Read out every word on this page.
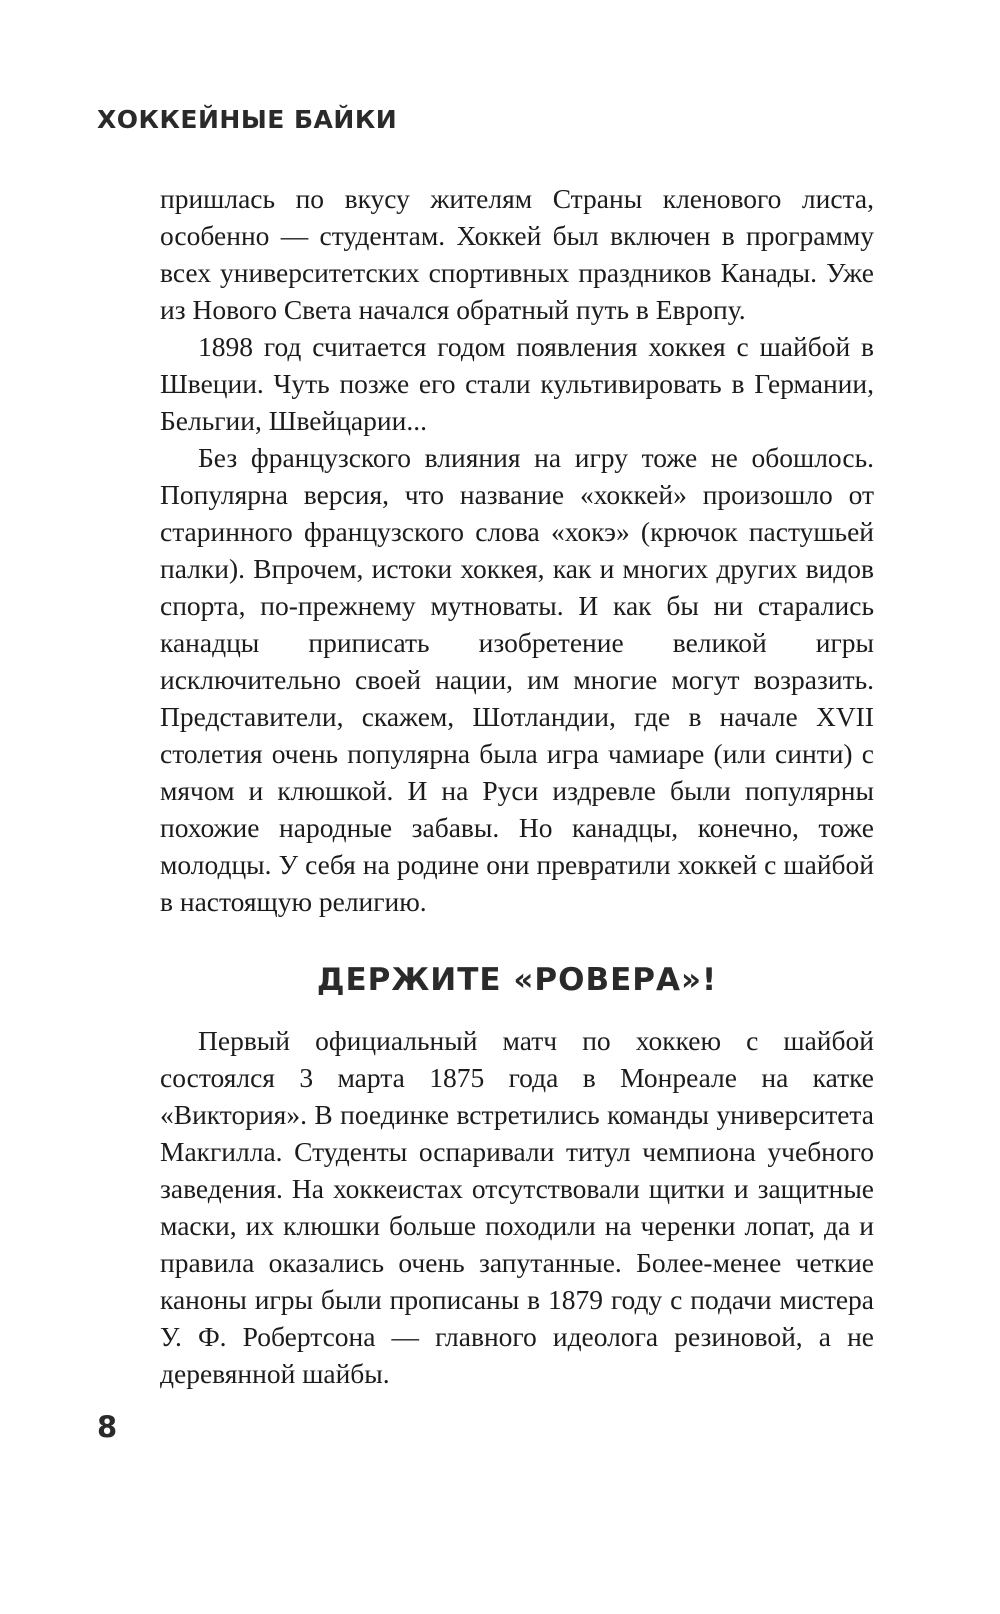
ХОККЕЙНЫЕ БАЙКИ

пришлась по вкусу жителям Страны кленового листа, особенно — студентам. Хоккей был включен в программу всех университетских спортивных праздников Канады. Уже из Нового Света начался обратный путь в Европу.

1898 год считается годом появления хоккея с шайбой в Швеции. Чуть позже его стали культивировать в Германии, Бельгии, Швейцарии...

Без французского влияния на игру тоже не обошлось. Популярна версия, что название «хоккей» произошло от старинного французского слова «хокэ» (крючок пастушьей палки). Впрочем, истоки хоккея, как и многих других видов спорта, по-прежнему мутноваты. И как бы ни старались канадцы приписать изобретение великой игры исключительно своей нации, им многие могут возразить. Представители, скажем, Шотландии, где в начале XVII столетия очень популярна была игра чамиаре (или синти) с мячом и клюшкой. И на Руси издревле были популярны похожие народные забавы. Но канадцы, конечно, тоже молодцы. У себя на родине они превратили хоккей с шайбой в настоящую религию.

ДЕРЖИТЕ «РОВЕРА»!

Первый официальный матч по хоккею с шайбой состоялся 3 марта 1875 года в Монреале на катке «Виктория». В поединке встретились команды университета Макгилла. Студенты оспаривали титул чемпиона учебного заведения. На хоккеистах отсутствовали щитки и защитные маски, их клюшки больше походили на черенки лопат, да и правила оказались очень запутанные. Более-менее четкие каноны игры были прописаны в 1879 году с подачи мистера У. Ф. Робертсона — главного идеолога резиновой, а не деревянной шайбы.

8
